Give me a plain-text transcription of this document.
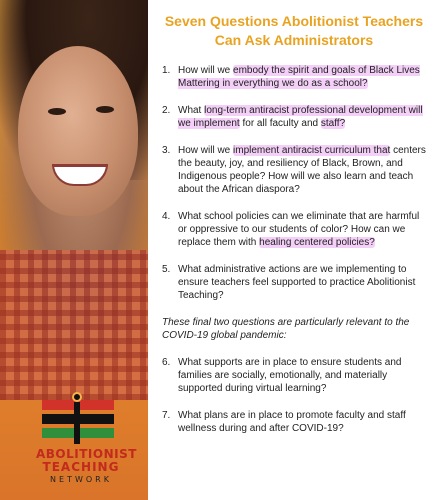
ABOLITIONIST
TEACHING
NETWORK
Seven Questions Abolitionist Teachers Can Ask Administrators
1. How will we embody the spirit and goals of Black Lives Mattering in everything we do as a school?
2. What long-term antiracist professional development will we implement for all faculty and staff?
3. How will we implement antiracist curriculum that centers the beauty, joy, and resiliency of Black, Brown, and Indigenous people? How will we also learn and teach about the African diaspora?
4. What school policies can we eliminate that are harmful or oppressive to our students of color? How can we replace them with healing centered policies?
5. What administrative actions are we implementing to ensure teachers feel supported to practice Abolitionist Teaching?

These final two questions are particularly relevant to the COVID-19 global pandemic:

6. What supports are in place to ensure students and families are socially, emotionally, and materially supported during virtual learning?
7. What plans are in place to promote faculty and staff wellness during and after COVID-19?
